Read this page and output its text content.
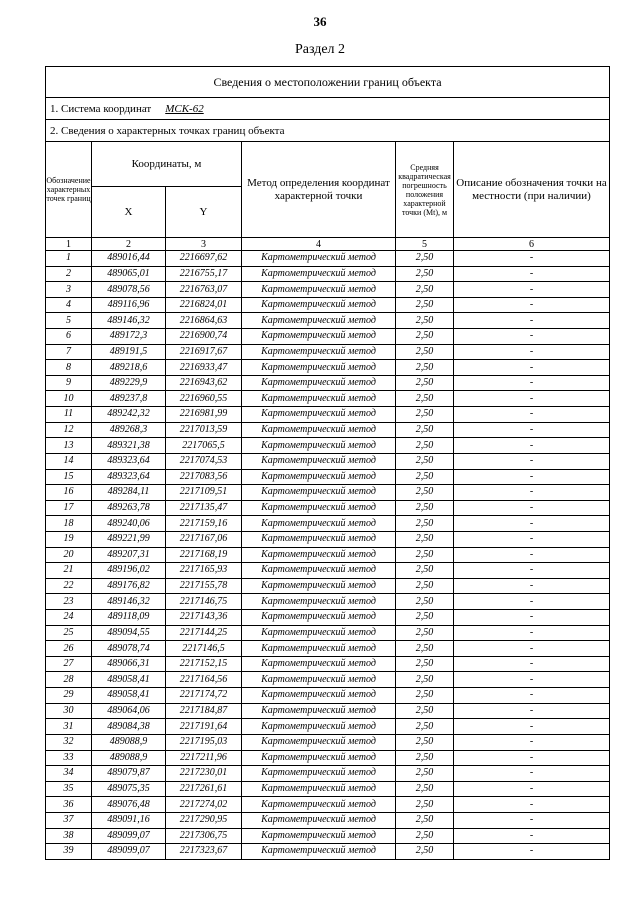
36
Раздел 2
Сведения о местоположении границ объекта					
1. Система координат МСК-62					
2. Сведения о характерных точках границ объекта					
Обозначение характерных точек границ	Координаты, м		Метод определения координат характерной точки	Средняя квадратическая погрешность положения характерной точки (Mt), м	Описание обозначения точки на местности (при наличии)
	X	Y			
1	2	3	4	5	6
1	489016,44	2216697,62	Картометрический метод	2,50	-
2	489065,01	2216755,17	Картометрический метод	2,50	-
3	489078,56	2216763,07	Картометрический метод	2,50	-
4	489116,96	2216824,01	Картометрический метод	2,50	-
5	489146,32	2216864,63	Картометрический метод	2,50	-
6	489172,3	2216900,74	Картометрический метод	2,50	-
7	489191,5	2216917,67	Картометрический метод	2,50	-
8	489218,6	2216933,47	Картометрический метод	2,50	-
9	489229,9	2216943,62	Картометрический метод	2,50	-
10	489237,8	2216960,55	Картометрический метод	2,50	-
11	489242,32	2216981,99	Картометрический метод	2,50	-
12	489268,3	2217013,59	Картометрический метод	2,50	-
13	489321,38	2217065,5	Картометрический метод	2,50	-
14	489323,64	2217074,53	Картометрический метод	2,50	-
15	489323,64	2217083,56	Картометрический метод	2,50	-
16	489284,11	2217109,51	Картометрический метод	2,50	-
17	489263,78	2217135,47	Картометрический метод	2,50	-
18	489240,06	2217159,16	Картометрический метод	2,50	-
19	489221,99	2217167,06	Картометрический метод	2,50	-
20	489207,31	2217168,19	Картометрический метод	2,50	-
21	489196,02	2217165,93	Картометрический метод	2,50	-
22	489176,82	2217155,78	Картометрический метод	2,50	-
23	489146,32	2217146,75	Картометрический метод	2,50	-
24	489118,09	2217143,36	Картометрический метод	2,50	-
25	489094,55	2217144,25	Картометрический метод	2,50	-
26	489078,74	2217146,5	Картометрический метод	2,50	-
27	489066,31	2217152,15	Картометрический метод	2,50	-
28	489058,41	2217164,56	Картометрический метод	2,50	-
29	489058,41	2217174,72	Картометрический метод	2,50	-
30	489064,06	2217184,87	Картометрический метод	2,50	-
31	489084,38	2217191,64	Картометрический метод	2,50	-
32	489088,9	2217195,03	Картометрический метод	2,50	-
33	489088,9	2217211,96	Картометрический метод	2,50	-
34	489079,87	2217230,01	Картометрический метод	2,50	-
35	489075,35	2217261,61	Картометрический метод	2,50	-
36	489076,48	2217274,02	Картометрический метод	2,50	-
37	489091,16	2217290,95	Картометрический метод	2,50	-
38	489099,07	2217306,75	Картометрический метод	2,50	-
39	489099,07	2217323,67	Картометрический метод	2,50	-
